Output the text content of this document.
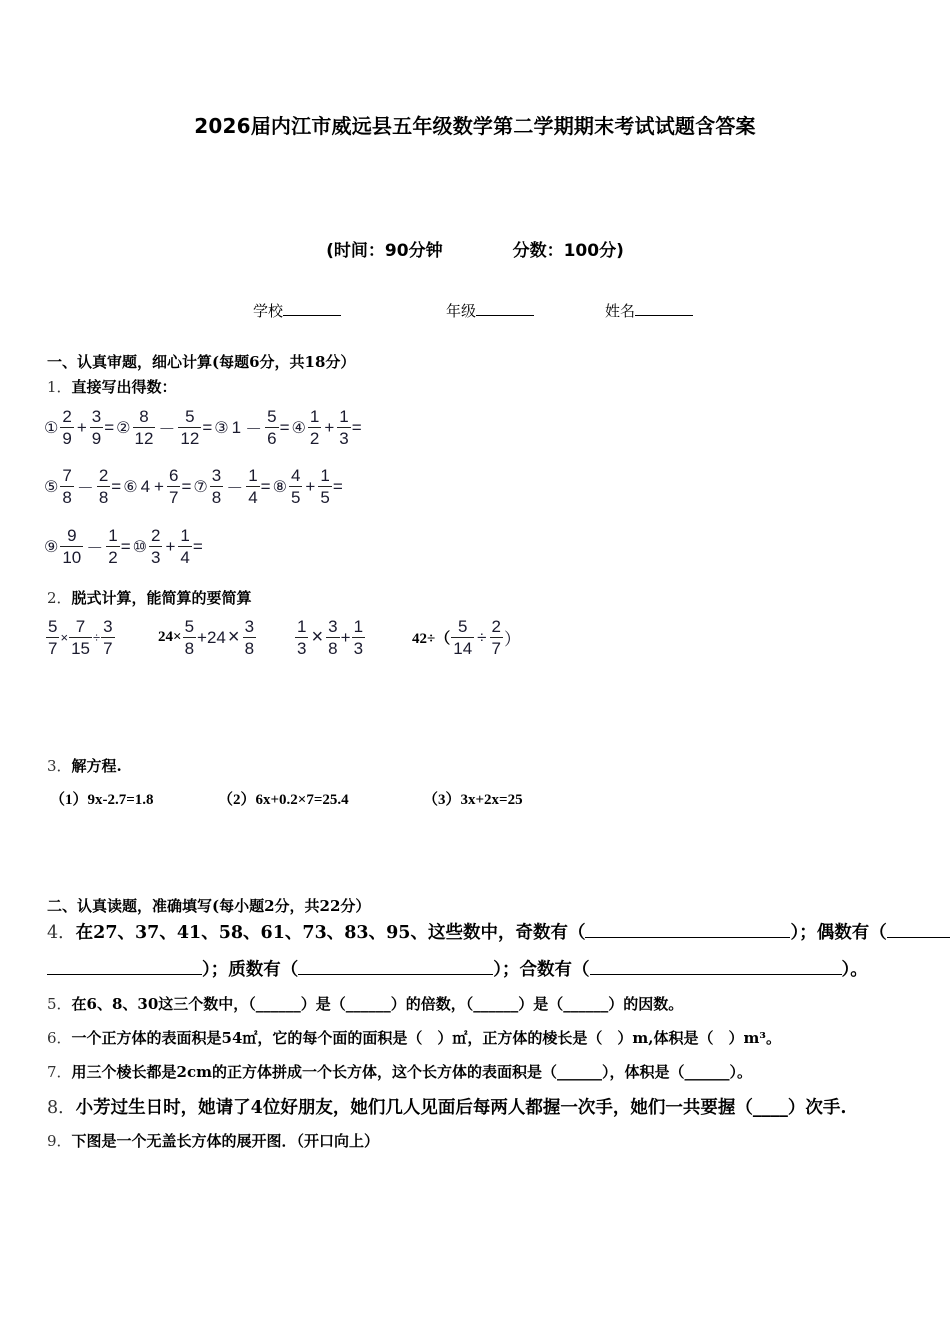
2026届内江市威远县五年级数学第二学期期末考试试题含答案
(时间：90分钟	分数：100分)
学校	年级	姓名
一、认真审题，细心计算(每题6分，共18分）
1．直接写出得数：
① $\frac{2}{9} + \frac{3}{9}$ = ② $\frac{8}{12} - \frac{5}{12}$ = ③ $1 - \frac{5}{6}$ = ④ $\frac{1}{2} + \frac{1}{3}$ =
⑤ $\frac{7}{8} - \frac{2}{8}$ = ⑥ $4 + \frac{6}{7}$ = ⑦ $\frac{3}{8} - \frac{1}{4}$ = ⑧ $\frac{4}{5} + \frac{1}{5}$ =
⑨ $\frac{9}{10} - \frac{1}{2}$ = ⑩ $\frac{2}{3} + \frac{1}{4}$ =
2．脱式计算，能简算的要简算
$\frac{5}{7} \times \frac{7}{15} \div \frac{3}{7}$	$24\times \frac{5}{8} +24 \times \frac{3}{8} \frac{1}{3} \times \frac{3}{8} + \frac{1}{3}$	$42\div( \frac{5}{14} \div \frac{2}{7}$ ）
3．解方程.
（1）9x-2.7=1.8	（2）6x+0.2×7=25.4	（3）3x+2x=25
二、认真读题，准确填写(每小题2分，共22分）
4．在27、37、41、58、61、73、83、95、这些数中，奇数有（	）；偶数有（
）；质数有（	）；合数有（	）。
5．在6、8、30这三个数中，（______）是（______）的倍数，（______）是（______）的因数。
6．一个正方体的表面积是54㎡，它的每个面的面积是（　）㎡，正方体的棱长是（　）m,体积是（　）m³。
7．用三个棱长都是2cm的正方体拼成一个长方体，这个长方体的表面积是（______），体积是（______）。
8．小芳过生日时，她请了4位好朋友，她们几人见面后每两人都握一次手，她们一共要握（____）次手.
9．下图是一个无盖长方体的展开图．（开口向上）
